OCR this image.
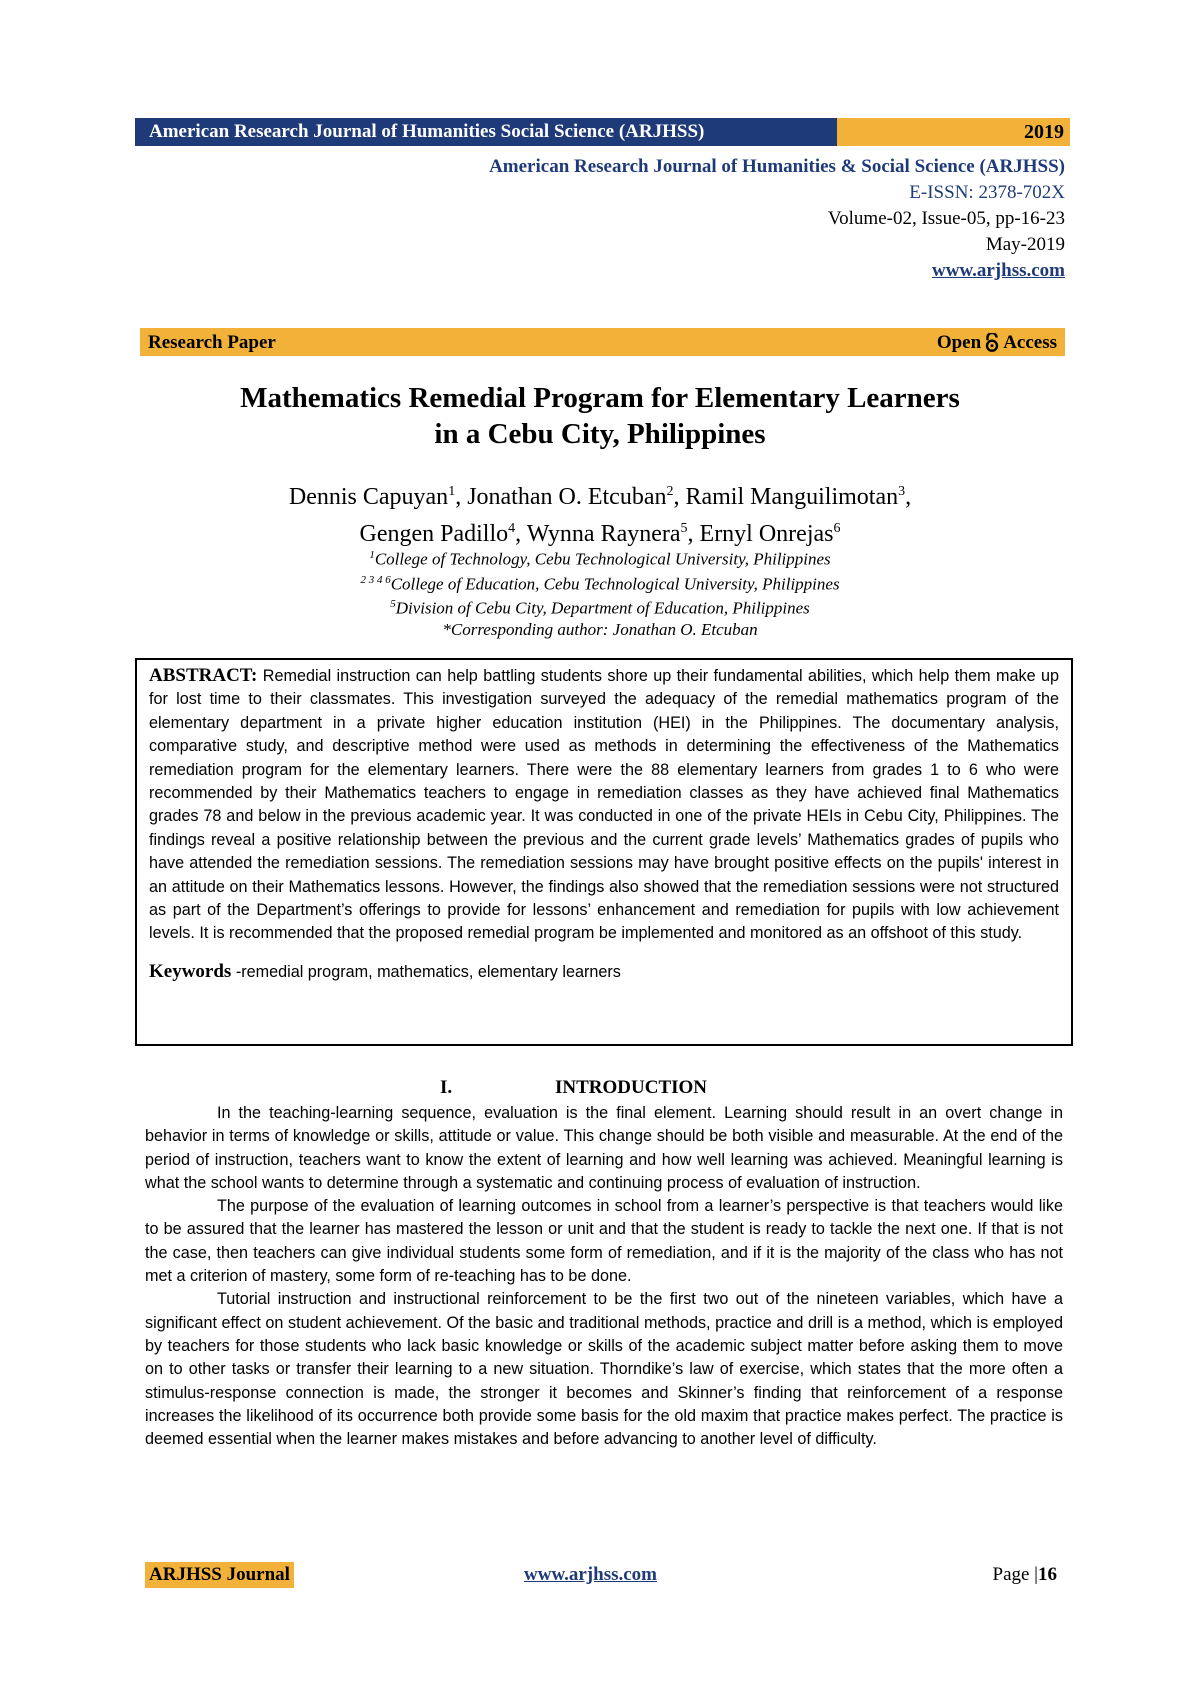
American Research Journal of Humanities Social Science (ARJHSS)	2019
American Research Journal of Humanities & Social Science (ARJHSS)
E-ISSN: 2378-702X
Volume-02, Issue-05, pp-16-23
May-2019
www.arjhss.com
Research Paper	Open Access
Mathematics Remedial Program for Elementary Learners
in a Cebu City, Philippines
Dennis Capuyan$^1$, Jonathan O. Etcuban$^2$, Ramil Manguilimotan$^3$,
Gengen Padillo$^4$, Wynna Raynera$^5$, Ernyl Onrejas$^6$
$^1$College of Technology, Cebu Technological University, Philippines
$^{2 3 4 6}$College of Education, Cebu Technological University, Philippines
$^5$Division of Cebu City, Department of Education, Philippines
*Corresponding author: Jonathan O. Etcuban
ABSTRACT: Remedial instruction can help battling students shore up their fundamental abilities, which help them make up for lost time to their classmates. This investigation surveyed the adequacy of the remedial mathematics program of the elementary department in a private higher education institution (HEI) in the Philippines. The documentary analysis, comparative study, and descriptive method were used as methods in determining the effectiveness of the Mathematics remediation program for the elementary learners. There were the 88 elementary learners from grades 1 to 6 who were recommended by their Mathematics teachers to engage in remediation classes as they have achieved final Mathematics grades 78 and below in the previous academic year. It was conducted in one of the private HEIs in Cebu City, Philippines. The findings reveal a positive relationship between the previous and the current grade levels’ Mathematics grades of pupils who have attended the remediation sessions. The remediation sessions may have brought positive effects on the pupils' interest in an attitude on their Mathematics lessons. However, the findings also showed that the remediation sessions were not structured as part of the Department’s offerings to provide for lessons’ enhancement and remediation for pupils with low achievement levels. It is recommended that the proposed remedial program be implemented and monitored as an offshoot of this study.
Keywords -remedial program, mathematics, elementary learners
I.	INTRODUCTION

In the teaching-learning sequence, evaluation is the final element. Learning should result in an overt change in behavior in terms of knowledge or skills, attitude or value. This change should be both visible and measurable. At the end of the period of instruction, teachers want to know the extent of learning and how well learning was achieved. Meaningful learning is what the school wants to determine through a systematic and continuing process of evaluation of instruction.

The purpose of the evaluation of learning outcomes in school from a learner’s perspective is that teachers would like to be assured that the learner has mastered the lesson or unit and that the student is ready to tackle the next one. If that is not the case, then teachers can give individual students some form of remediation, and if it is the majority of the class who has not met a criterion of mastery, some form of re-teaching has to be done.

Tutorial instruction and instructional reinforcement to be the first two out of the nineteen variables, which have a significant effect on student achievement. Of the basic and traditional methods, practice and drill is a method, which is employed by teachers for those students who lack basic knowledge or skills of the academic subject matter before asking them to move on to other tasks or transfer their learning to a new situation. Thorndike’s law of exercise, which states that the more often a stimulus-response connection is made, the stronger it becomes and Skinner’s finding that reinforcement of a response increases the likelihood of its occurrence both provide some basis for the old maxim that practice makes perfect. The practice is deemed essential when the learner makes mistakes and before advancing to another level of difficulty.

ARJHSS Journal	www.arjhss.com	Page |16
